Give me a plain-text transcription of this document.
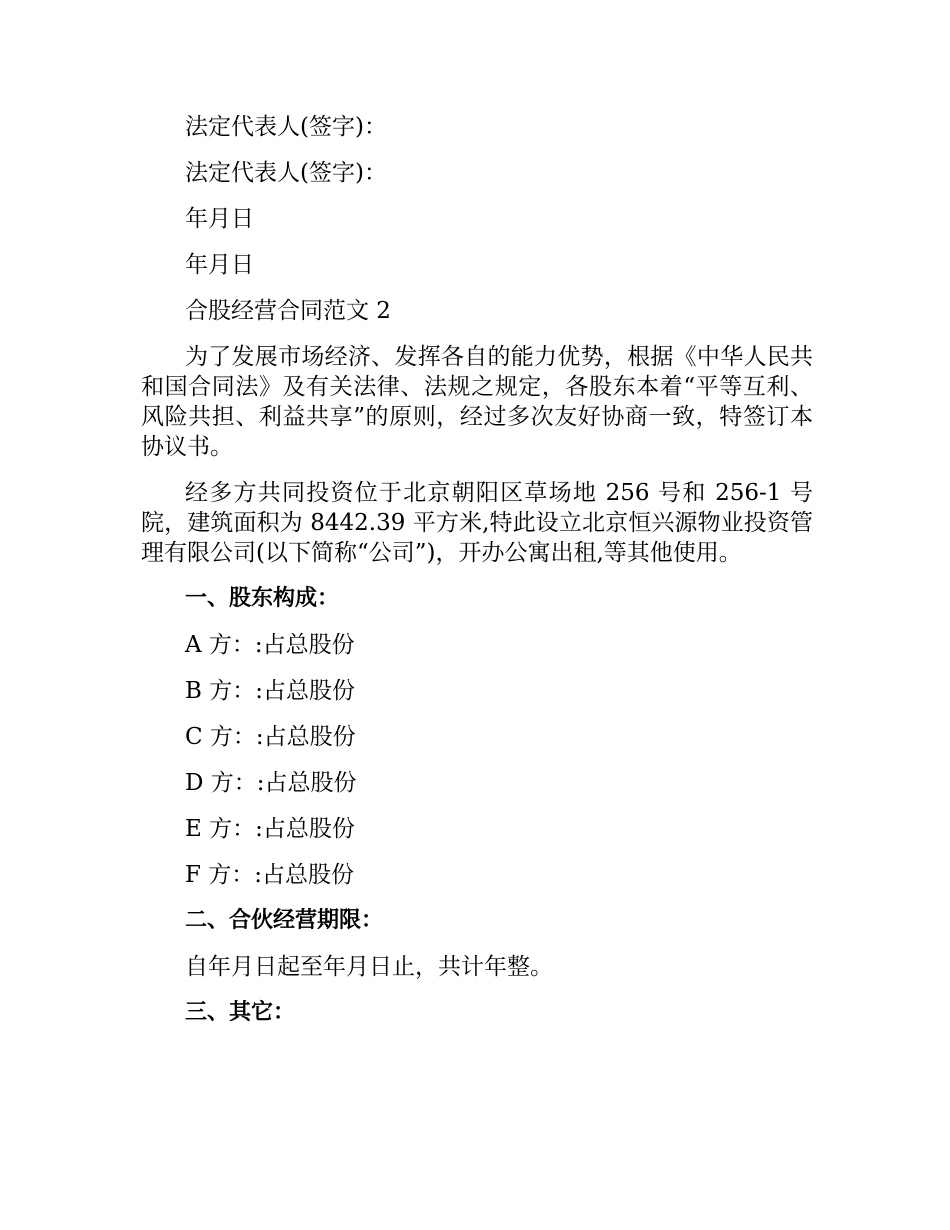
法定代表人(签字)：

法定代表人(签字)：

年月日

年月日

合股经营合同范文 2

为了发展市场经济、发挥各自的能力优势，根据《中华人民共和国合同法》及有关法律、法规之规定，各股东本着“平等互利、风险共担、利益共享”的原则，经过多次友好协商一致，特签订本协议书。

经多方共同投资位于北京朝阳区草场地 256 号和 256-1 号院，建筑面积为 8442.39 平方米,特此设立北京恒兴源物业投资管理有限公司(以下简称“公司”)，开办公寓出租,等其他使用。

一、股东构成：

A 方：:占总股份

B 方：:占总股份

C 方：:占总股份

D 方：:占总股份

E 方：:占总股份

F 方：:占总股份

二、合伙经营期限：

自年月日起至年月日止，共计年整。

三、其它：
